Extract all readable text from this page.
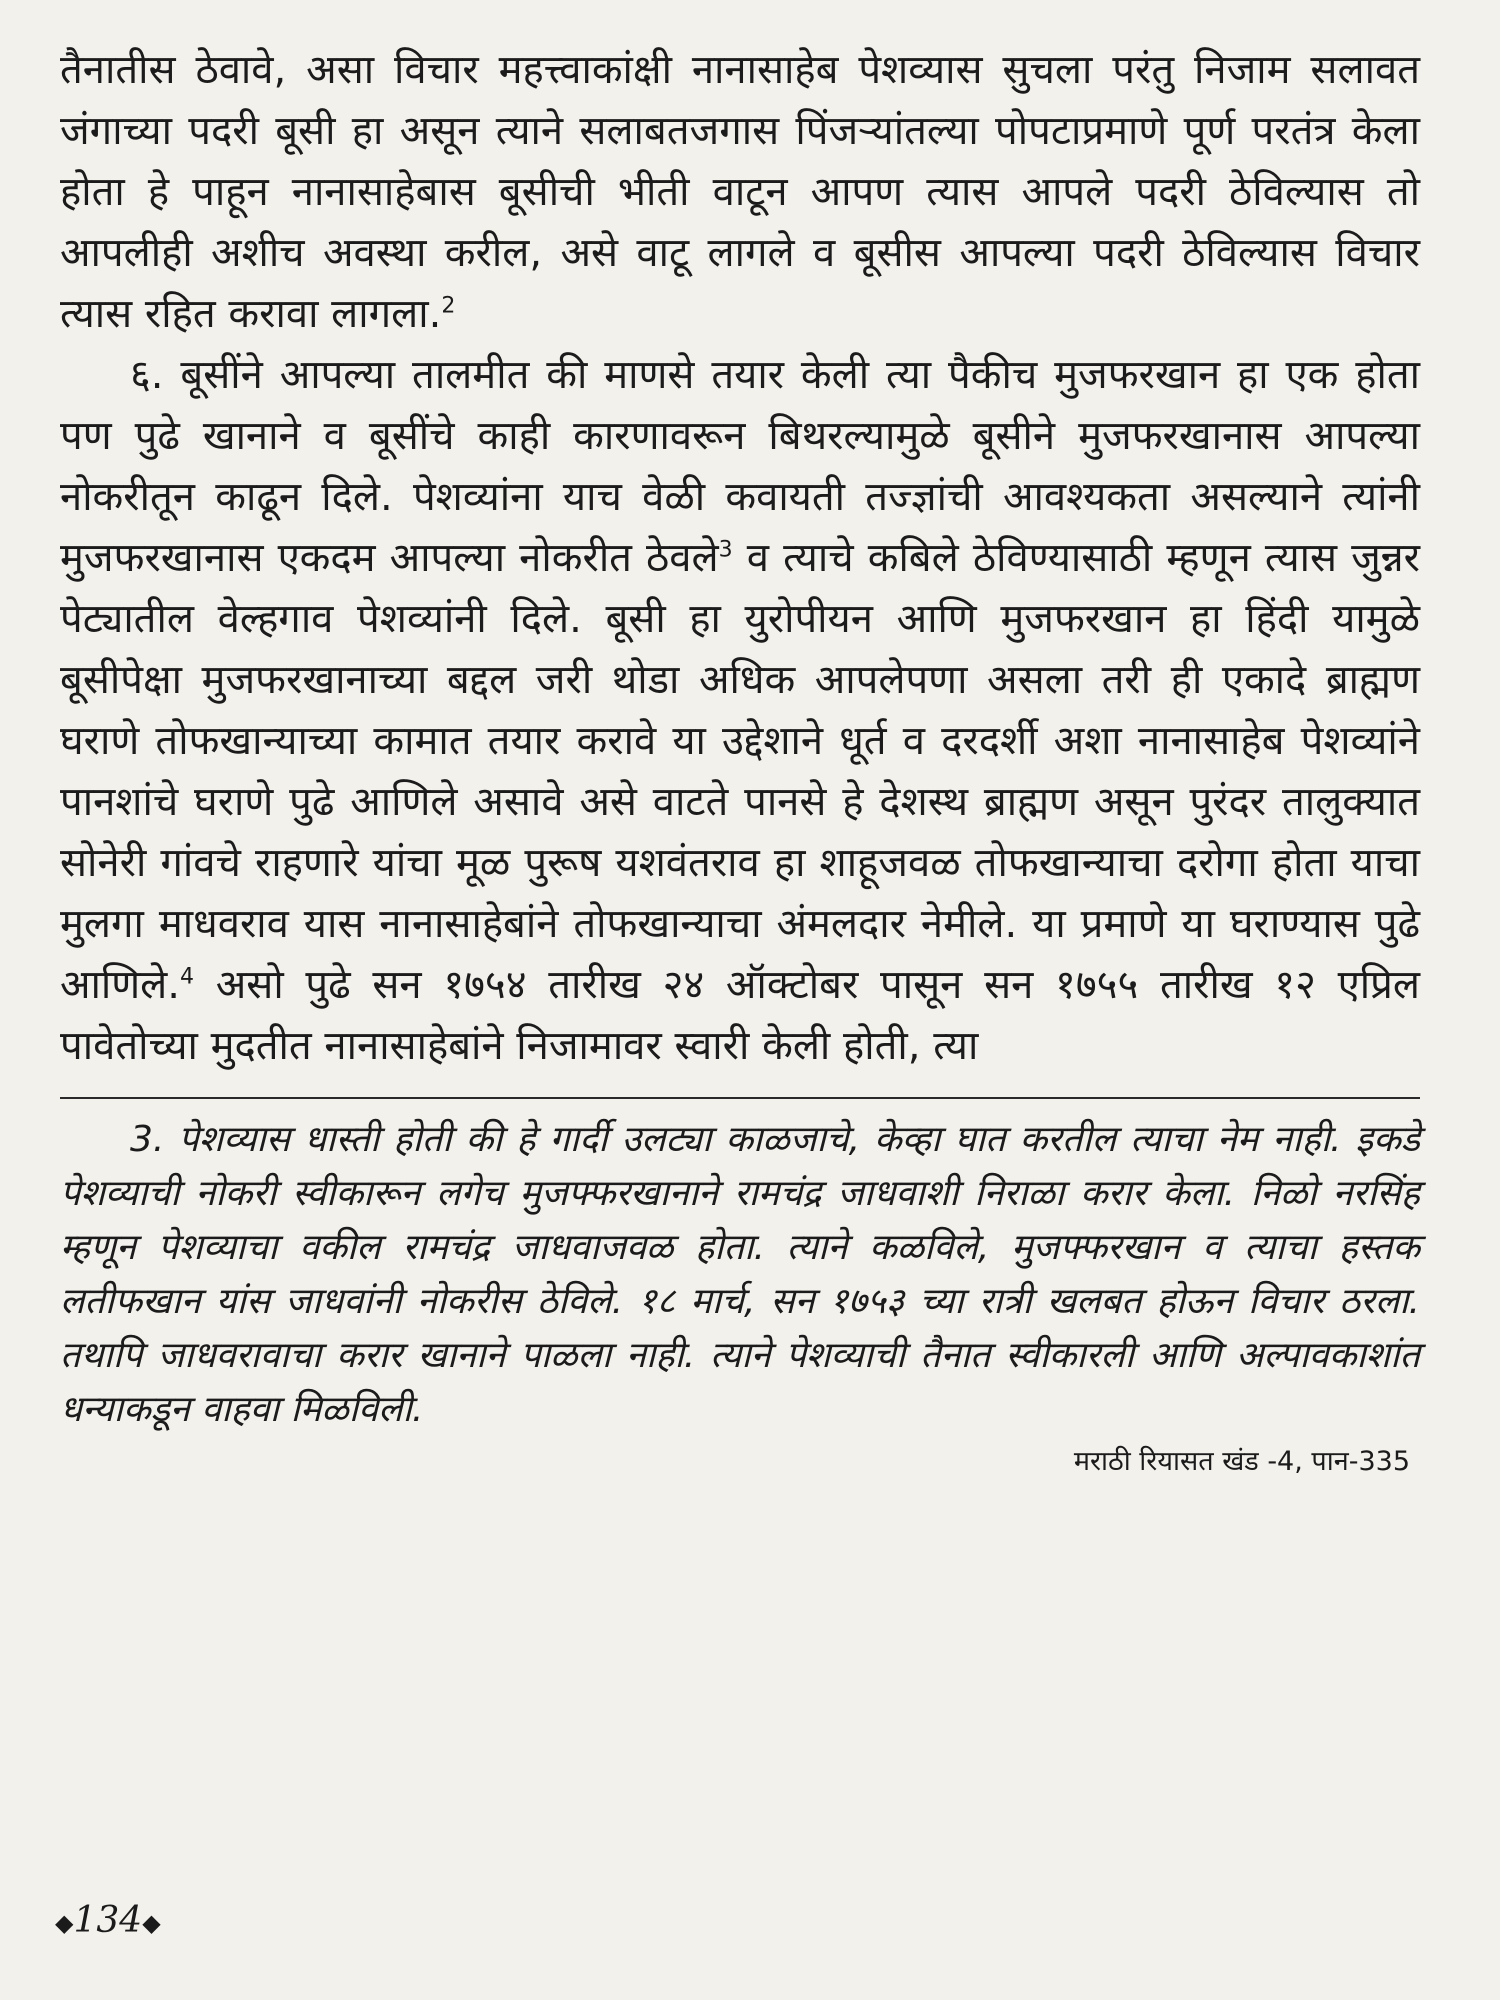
तैनातीस ठेवावे, असा विचार महत्त्वाकांक्षी नानासाहेब पेशव्यास सुचला परंतु निजाम सलावत जंगाच्या पदरी बूसी हा असून त्याने सलाबतजगास पिंजऱ्यांतल्या पोपटाप्रमाणे पूर्ण परतंत्र केला होता हे पाहून नानासाहेबास बूसीची भीती वाटून आपण त्यास आपले पदरी ठेविल्यास तो आपलीही अशीच अवस्था करील, असे वाटू लागले व बूसीस आपल्या पदरी ठेविल्यास विचार त्यास रहित करावा लागला.$^2$

६. बूसींने आपल्या तालमीत की माणसे तयार केली त्या पैकीच मुजफरखान हा एक होता पण पुढे खानाने व बूसींचे काही कारणावरून बिथरल्यामुळे बूसीने मुजफरखानास आपल्या नोकरीतून काढून दिले. पेशव्यांना याच वेळी कवायती तज्ज्ञांची आवश्यकता असल्याने त्यांनी मुजफरखानास एकदम आपल्या नोकरीत ठेवले$^3$ व त्याचे कबिले ठेविण्यासाठी म्हणून त्यास जुन्नर पेट्यातील वेल्हगाव पेशव्यांनी दिले. बूसी हा युरोपीयन आणि मुजफरखान हा हिंदी यामुळे बूसीपेक्षा मुजफरखानाच्या बद्दल जरी थोडा अधिक आपलेपणा असला तरी ही एकादे ब्राह्मण घराणे तोफखान्याच्या कामात तयार करावे या उद्देशाने धूर्त व दरदर्शी अशा नानासाहेब पेशव्यांने पानशांचे घराणे पुढे आणिले असावे असे वाटते पानसे हे देशस्थ ब्राह्मण असून पुरंदर तालुक्यात सोनेरी गांवचे राहणारे यांचा मूळ पुरूष यशवंतराव हा शाहूजवळ तोफखान्याचा दरोगा होता याचा मुलगा माधवराव यास नानासाहेबांने तोफखान्याचा अंमलदार नेमीले. या प्रमाणे या घराण्यास पुढे आणिले.$^4$ असो पुढे सन १७५४ तारीख २४ ऑक्टोबर पासून सन १७५५ तारीख १२ एप्रिल पावेतोच्या मुदतीत नानासाहेबांने निजामावर स्वारी केली होती, त्या

3. पेशव्यास धास्ती होती की हे गार्दी उलट्या काळजाचे, केव्हा घात करतील त्याचा नेम नाही. इकडे पेशव्याची नोकरी स्वीकारून लगेच मुजफ्फरखानाने रामचंद्र जाधवाशी निराळा करार केला. निळो नरसिंह म्हणून पेशव्याचा वकील रामचंद्र जाधवाजवळ होता. त्याने कळविले, मुजफ्फरखान व त्याचा हस्तक लतीफखान यांस जाधवांनी नोकरीस ठेविले. १८ मार्च, सन १७५३ च्या रात्री खलबत होऊन विचार ठरला. तथापि जाधवरावाचा करार खानाने पाळला नाही. त्याने पेशव्याची तैनात स्वीकारली आणि अल्पावकाशांत धन्याकडून वाहवा मिळविली.

मराठी रियासत खंड -4, पान-335
◆134◆
